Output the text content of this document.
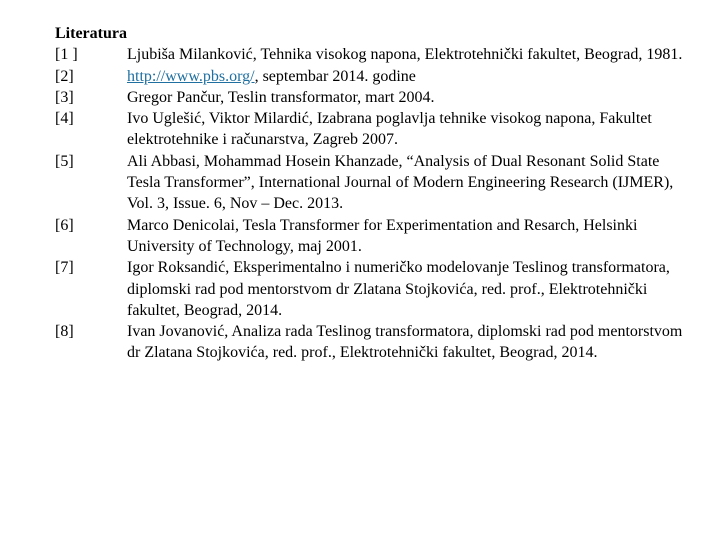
Literatura
[1 ]	Ljubiša Milanković, Tehnika visokog napona, Elektrotehnički fakultet, Beograd, 1981.
[2]	http://www.pbs.org/, septembar 2014. godine
[3]	Gregor Pančur, Teslin transformator, mart 2004.
[4]	Ivo Uglešić, Viktor Milardić, Izabrana poglavlja tehnike visokog napona, Fakultet elektrotehnike i računarstva, Zagreb 2007.
[5]	Ali Abbasi, Mohammad Hosein Khanzade, “Analysis of Dual Resonant Solid State Tesla Transformer”, International Journal of Modern Engineering Research (IJMER), Vol. 3, Issue. 6, Nov – Dec. 2013.
[6]	Marco Denicolai, Tesla Transformer for Experimentation and Resarch, Helsinki University of Technology, maj 2001.
[7]	Igor Roksandić, Eksperimentalno i numeričko modelovanje Teslinog transformatora, diplomski rad pod mentorstvom dr Zlatana Stojkovića, red. prof., Elektrotehnički fakultet, Beograd, 2014.
[8]	Ivan Jovanović, Analiza rada Teslinog transformatora, diplomski rad pod mentorstvom dr Zlatana Stojkovića, red. prof., Elektrotehnički fakultet, Beograd, 2014.
